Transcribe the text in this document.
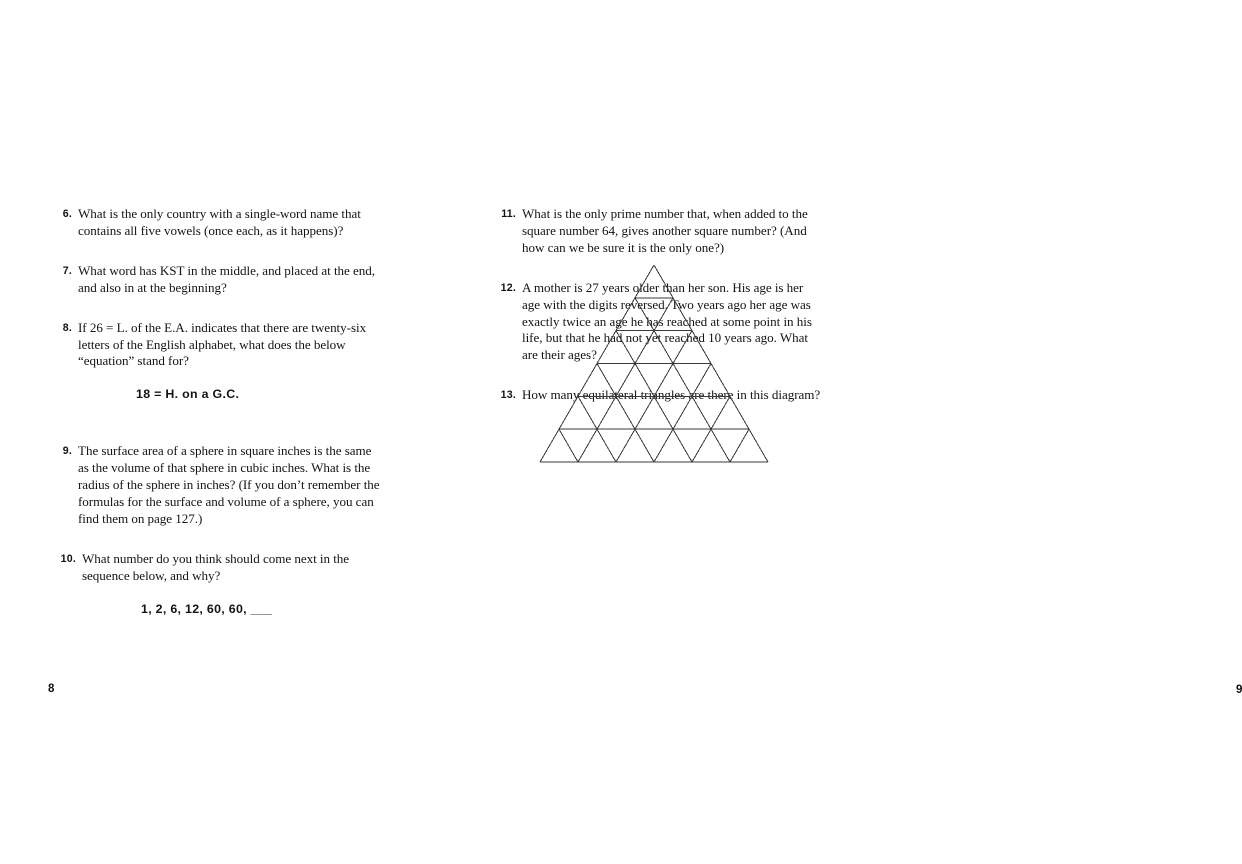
6. What is the only country with a single-word name that contains all five vowels (once each, as it happens)?
7. What word has KST in the middle, and placed at the end, and also in at the beginning?
8. If 26 = L. of the E.A. indicates that there are twenty-six letters of the English alphabet, what does the below “equation” stand for?
18 = H. on a G.C.
9. The surface area of a sphere in square inches is the same as the volume of that sphere in cubic inches. What is the radius of the sphere in inches? (If you don’t remember the formulas for the surface and volume of a sphere, you can find them on page 127.)
10. What number do you think should come next in the sequence below, and why?
1, 2, 6, 12, 60, 60, ___
8
11. What is the only prime number that, when added to the square number 64, gives another square number? (And how can we be sure it is the only one?)
12. A mother is 27 years older than her son. His age is her age with the digits reversed. Two years ago her age was exactly twice an age he has reached at some point in his life, but that he had not yet reached 10 years ago. What are their ages?
13. How many equilateral triangles are there in this diagram?
9
